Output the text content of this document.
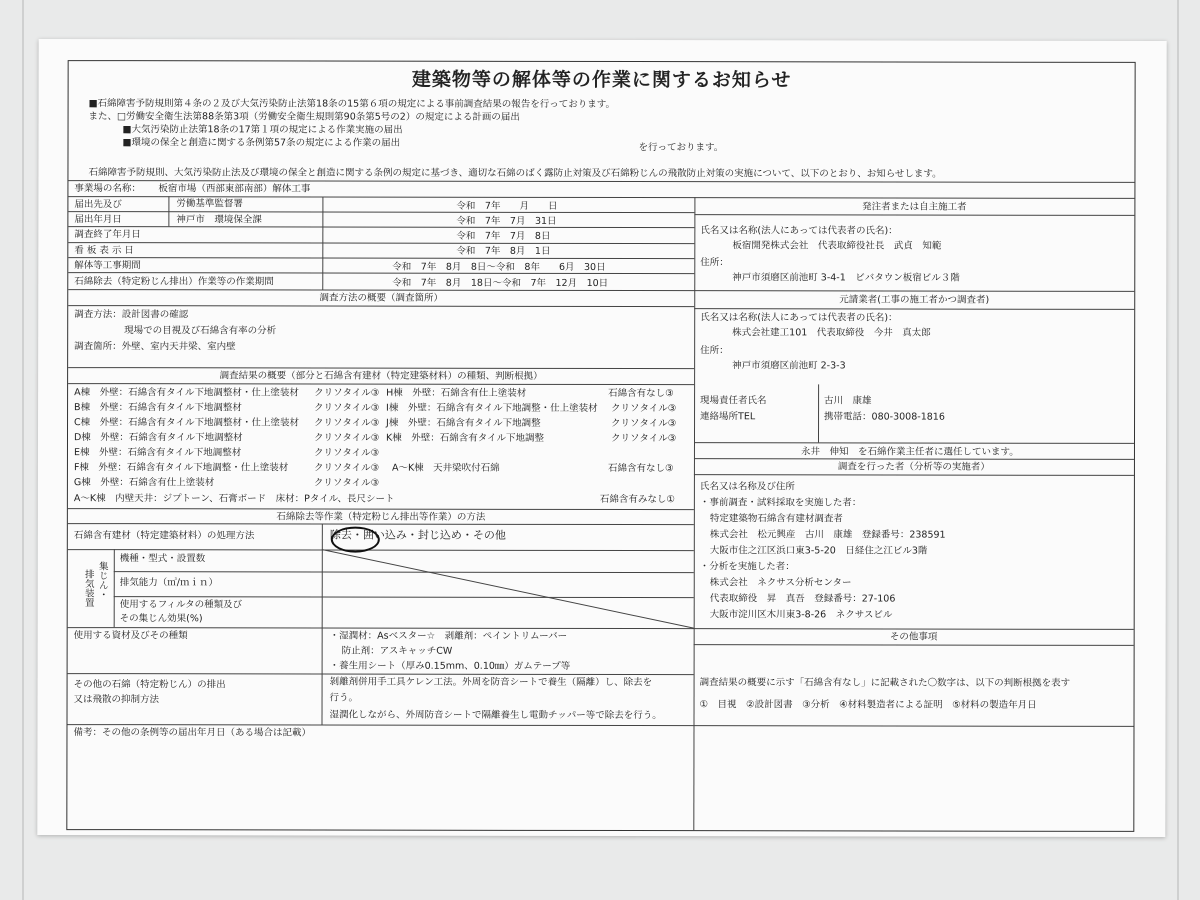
建築物等の解体等の作業に関するお知らせ
■石綿障害予防規則第４条の２及び大気汚染防止法第18条の15第６項の規定による事前調査結果の報告を行っております。
また、□労働安全衛生法第88条第3項（労働安全衛生規則第90条第5号の2）の規定による計画の届出
■大気汚染防止法第18条の17第１項の規定による作業実施の届出
■環境の保全と創造に関する条例第57条の規定による作業の届出	を行っております。
石綿障害予防規則、大気汚染防止法及び環境の保全と創造に関する条例の規定に基づき、適切な石綿のばく露防止対策及び石綿粉じんの飛散防止対策の実施について、以下のとおり、お知らせします。
事業場の名称： 板宿市場（西部東部南部）解体工事
届出先及び	労働基準監督署	令和　7年　　月　　日
届出年月日	神戸市　環境保全課	令和　7年　7月　31日
調査終了年月日	令和　7年　7月　8日
看 板 表 示 日	令和　7年　8月　1日
解体等工事期間	令和　7年　8月　8日～令和　8年　　6月　30日
石綿除去（特定粉じん排出）作業等の作業期間	令和　7年　8月　18日～令和　7年　12月　10日
調査方法の概要（調査箇所）
調査方法：設計図書の確認
現場での目視及び石綿含有率の分析
調査箇所：外壁、室内天井梁、室内壁
調査結果の概要（部分と石綿含有建材（特定建築材料）の種類、判断根拠）
A棟　外壁：石綿含有タイル下地調整材・仕上塗装材 クリソタイル③ H棟　外壁：石綿含有仕上塗装材	石綿含有なし③
B棟　外壁：石綿含有タイル下地調整材	クリソタイル③ I棟　外壁：石綿含有タイル下地調整・仕上塗装材 クリソタイル③
C棟　外壁：石綿含有タイル下地調整材・仕上塗装材 クリソタイル③ J棟　外壁：石綿含有タイル下地調整	クリソタイル③
D棟　外壁：石綿含有タイル下地調整材	クリソタイル③ K棟　外壁：石綿含有タイル下地調整	クリソタイル③
E棟　外壁：石綿含有タイル下地調整材	クリソタイル③
F棟　外壁：石綿含有タイル下地調整・仕上塗装材	クリソタイル③ A～K棟　天井梁吹付石綿	石綿含有なし③
G棟　外壁：石綿含有仕上塗装材	クリソタイル③
A～K棟　内壁天井：ジプトーン、石膏ボード　床材：Pタイル、長尺シート	石綿含有みなし①
石綿除去等作業（特定粉じん排出等作業）の方法
石綿含有建材（特定建築材料）の処理方法	除去・囲い込み・封じ込め・その他
集じん・
排気装置
機種・型式・設置数
排気能力（㎥/ｍｉｎ）
使用するフィルタの種類及び
その集じん効果(%)
使用する資材及びその種類	・湿潤材：Asベスター☆　剥離剤：ペイントリムーバー
防止剤：アスキャッチCW
・養生用シート（厚み0.15mm、0.10㎜）ガムテープ等
その他の石綿（特定粉じん）の排出
又は飛散の抑制方法
剝離剤併用手工具ケレン工法。外周を防音シートで養生（隔離）し、除去を
行う。
湿潤化しながら、外周防音シートで隔離養生し電動チッパー等で除去を行う。
備考：その他の条例等の届出年月日（ある場合は記載）
発注者または自主施工者
氏名又は名称(法人にあっては代表者の氏名)：
板宿開発株式会社　代表取締役社長　武貞　知範
住所：
神戸市須磨区前池町 3-4-1　ビバタウン板宿ビル３階
元請業者(工事の施工者かつ調査者)
氏名又は名称(法人にあっては代表者の氏名)：
株式会社建工101　代表取締役　今井　真太郎
住所：
神戸市須磨区前池町 2-3-3
現場責任者氏名	古川　康雄
連絡場所TEL	携帯電話：080-3008-1816
永井　伸知　を石綿作業主任者に選任しています。
調査を行った者（分析等の実施者）
氏名又は名称及び住所
・事前調査・試料採取を実施した者：
特定建築物石綿含有建材調査者
株式会社　松元興産　古川　康雄　登録番号：238591
大阪市住之江区浜口東3-5-20　日経住之江ビル3階
・分析を実施した者：
株式会社　ネクサス分析センター
代表取締役　昇　真吾　登録番号：27-106
大阪市淀川区木川東3-8-26　ネクサスビル
その他事項
調査結果の概要に示す「石綿含有なし」に記載された〇数字は、以下の判断根拠を表す
①　目視　②設計図書　③分析　④材料製造者による証明　⑤材料の製造年月日
